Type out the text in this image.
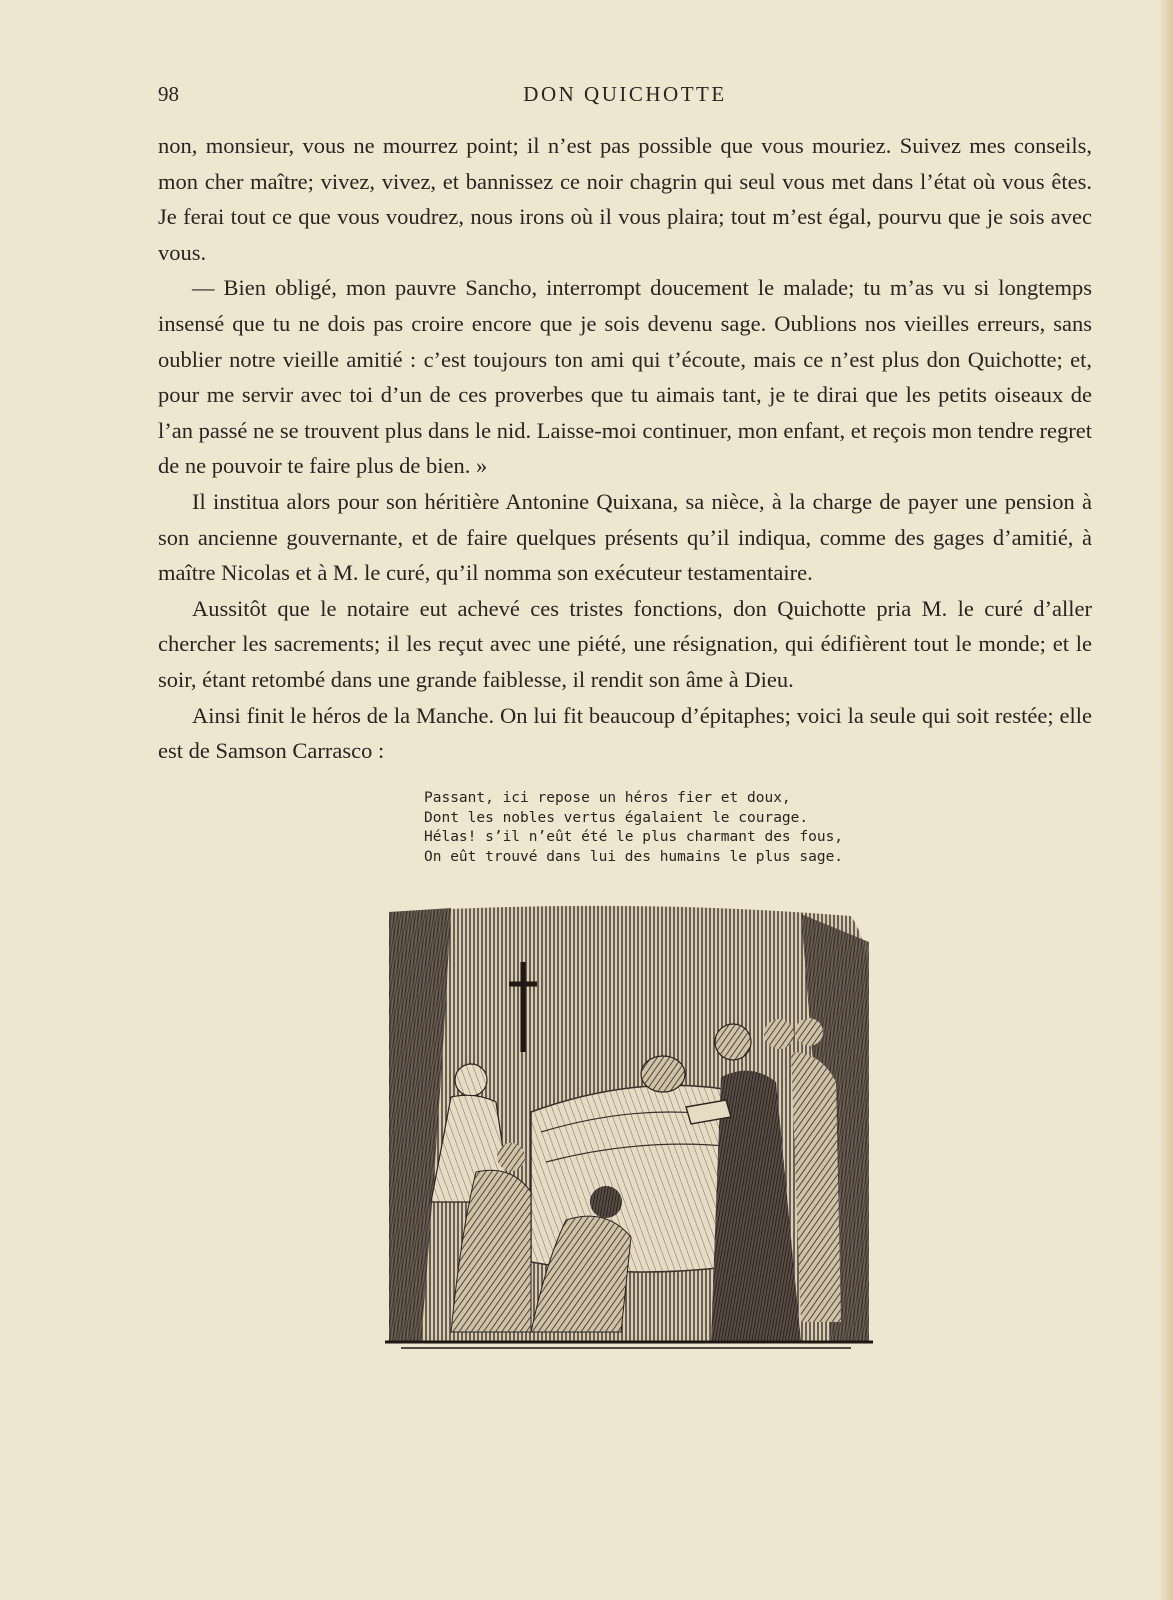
98	DON QUICHOTTE

non, monsieur, vous ne mourrez point; il n’est pas possible que vous mouriez. Suivez mes conseils, mon cher maître; vivez, vivez, et bannissez ce noir chagrin qui seul vous met dans l’état où vous êtes. Je ferai tout ce que vous voudrez, nous irons où il vous plaira; tout m’est égal, pourvu que je sois avec vous.

— Bien obligé, mon pauvre Sancho, interrompt doucement le malade; tu m’as vu si longtemps insensé que tu ne dois pas croire encore que je sois devenu sage. Oublions nos vieilles erreurs, sans oublier notre vieille amitié : c’est toujours ton ami qui t’écoute, mais ce n’est plus don Quichotte; et, pour me servir avec toi d’un de ces proverbes que tu aimais tant, je te dirai que les petits oiseaux de l’an passé ne se trouvent plus dans le nid. Laisse-moi continuer, mon enfant, et reçois mon tendre regret de ne pouvoir te faire plus de bien. »

Il institua alors pour son héritière Antonine Quixana, sa nièce, à la charge de payer une pension à son ancienne gouvernante, et de faire quelques présents qu’il indiqua, comme des gages d’amitié, à maître Nicolas et à M. le curé, qu’il nomma son exécuteur testamentaire.

Aussitôt que le notaire eut achevé ces tristes fonctions, don Quichotte pria M. le curé d’aller chercher les sacrements; il les reçut avec une piété, une résignation, qui édifièrent tout le monde; et le soir, étant retombé dans une grande faiblesse, il rendit son âme à Dieu.

Ainsi finit le héros de la Manche. On lui fit beaucoup d’épitaphes; voici la seule qui soit restée; elle est de Samson Carrasco :

Passant, ici repose un héros fier et doux,
Dont les nobles vertus égalaient le courage.
Hélas! s’il n’eût été le plus charmant des fous,
On eût trouvé dans lui des humains le plus sage.
